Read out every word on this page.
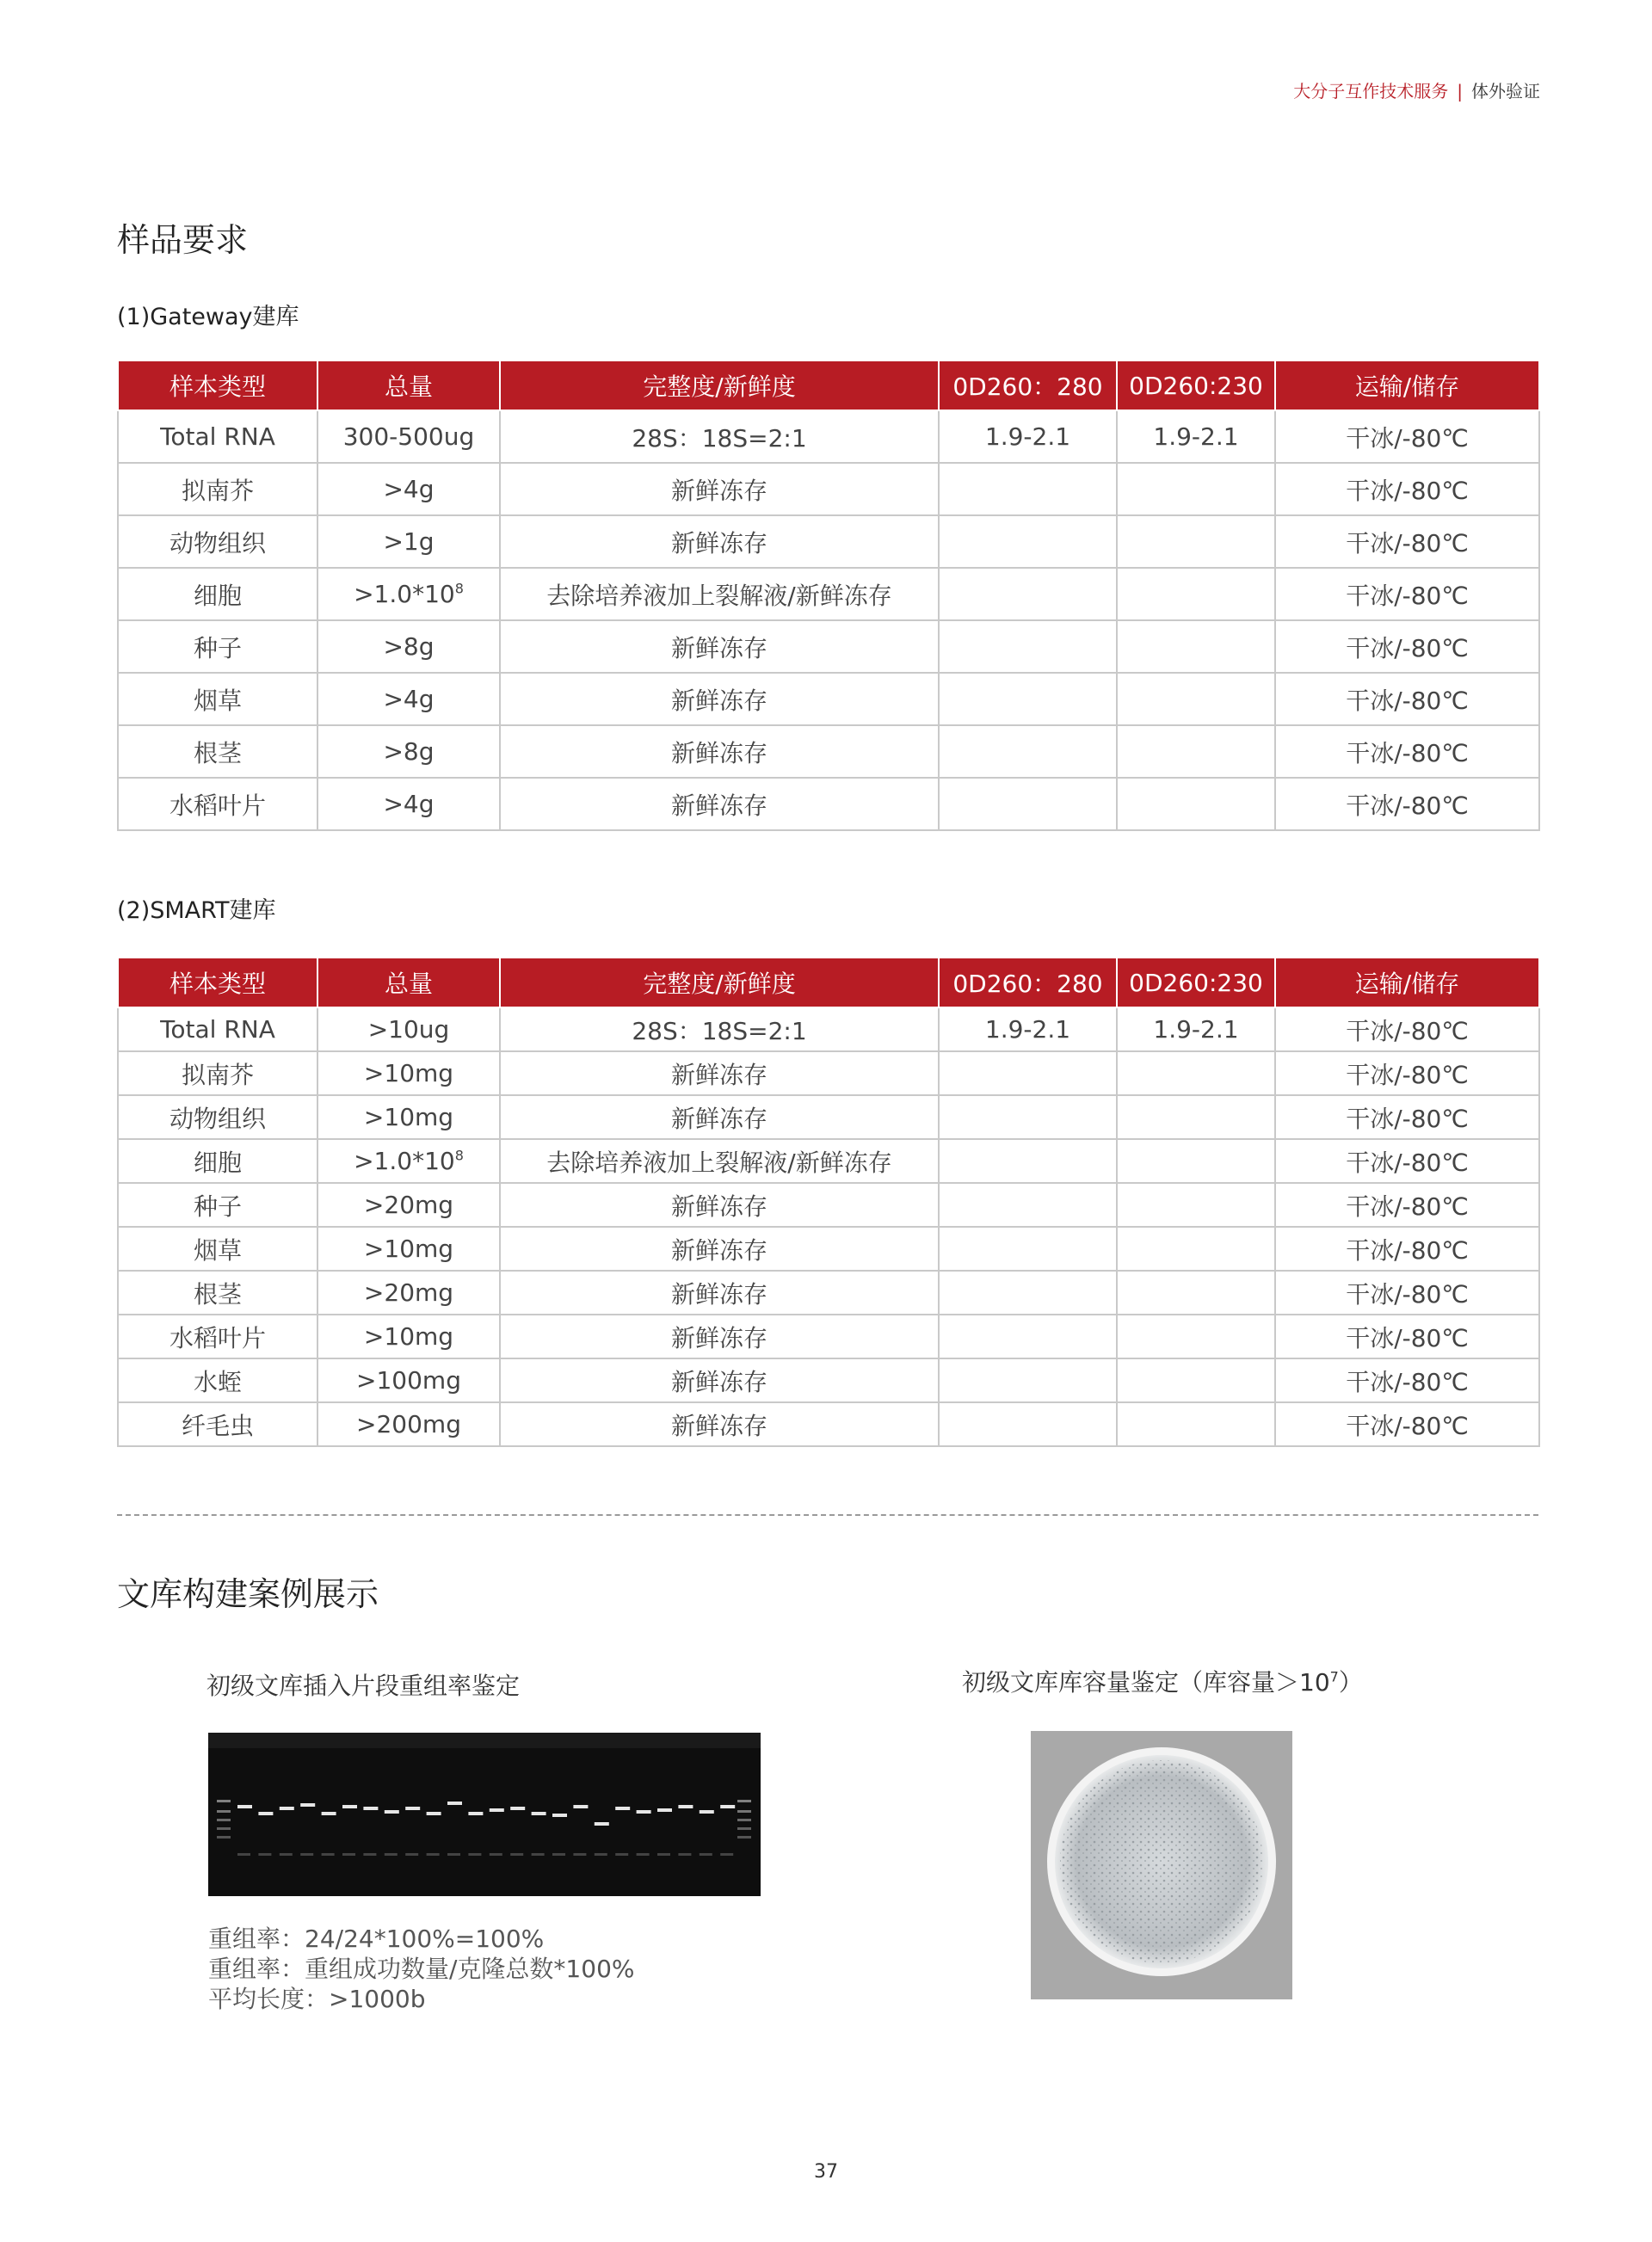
大分子互作技术服务 | 体外验证
样品要求
(1)Gateway建库
样本类型	总量	完整度/新鲜度	0D260：280	0D260:230	运输/储存
Total RNA	300-500ug	28S：18S=2:1	1.9-2.1	1.9-2.1	干冰/-80℃
拟南芥	>4g	新鲜冻存			干冰/-80℃
动物组织	>1g	新鲜冻存			干冰/-80℃
细胞	$>1.0*10^8$	去除培养液加上裂解液/新鲜冻存			干冰/-80℃
种子	>8g	新鲜冻存			干冰/-80℃
烟草	>4g	新鲜冻存			干冰/-80℃
根茎	>8g	新鲜冻存			干冰/-80℃
水稻叶片	>4g	新鲜冻存			干冰/-80℃
(2)SMART建库
样本类型	总量	完整度/新鲜度	0D260：280	0D260:230	运输/储存
Total RNA	>10ug	28S：18S=2:1	1.9-2.1	1.9-2.1	干冰/-80℃
拟南芥	>10mg	新鲜冻存			干冰/-80℃
动物组织	>10mg	新鲜冻存			干冰/-80℃
细胞	$>1.0*10^8$	去除培养液加上裂解液/新鲜冻存			干冰/-80℃
种子	>20mg	新鲜冻存			干冰/-80℃
烟草	>10mg	新鲜冻存			干冰/-80℃
根茎	>20mg	新鲜冻存			干冰/-80℃
水稻叶片	>10mg	新鲜冻存			干冰/-80℃
水蛭	>100mg	新鲜冻存			干冰/-80℃
纤毛虫	>200mg	新鲜冻存			干冰/-80℃
文库构建案例展示
初级文库插入片段重组率鉴定	初级文库库容量鉴定（库容量$>10^7$）
重组率：24/24*100%=100%
重组率：重组成功数量/克隆总数*100%
平均长度：>1000b
37
